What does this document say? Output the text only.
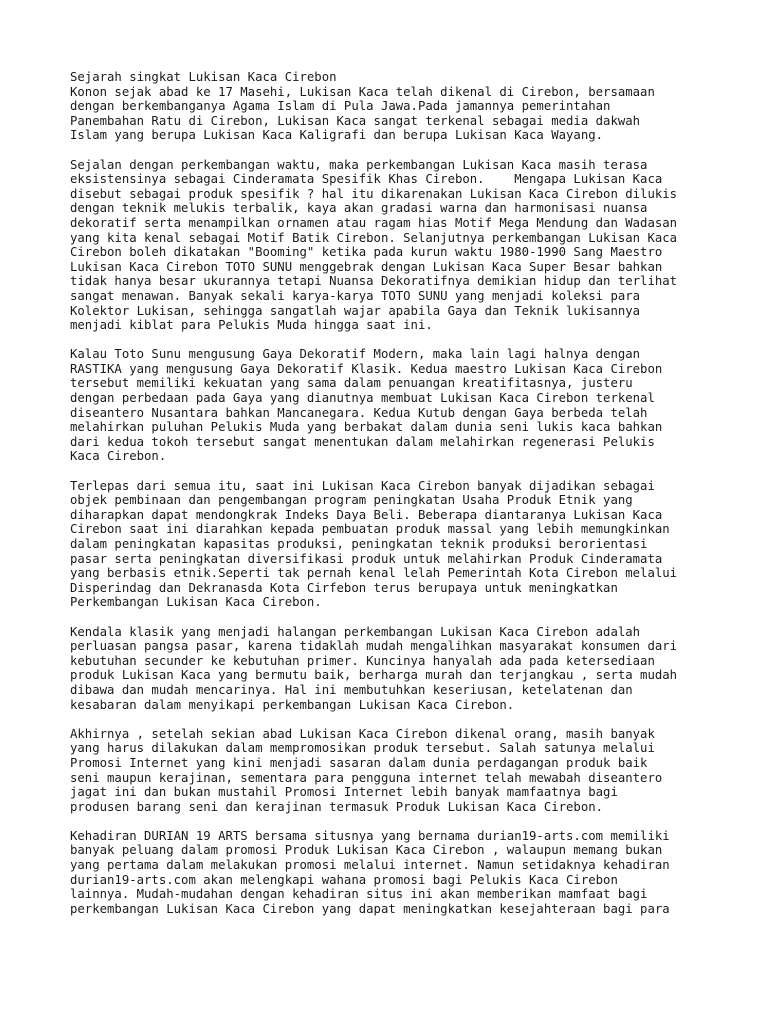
Sejarah singkat Lukisan Kaca Cirebon
Konon sejak abad ke 17 Masehi, Lukisan Kaca telah dikenal di Cirebon, bersamaan
dengan berkembanganya Agama Islam di Pula Jawa.Pada jamannya pemerintahan
Panembahan Ratu di Cirebon, Lukisan Kaca sangat terkenal sebagai media dakwah
Islam yang berupa Lukisan Kaca Kaligrafi dan berupa Lukisan Kaca Wayang.
Sejalan dengan perkembangan waktu, maka perkembangan Lukisan Kaca masih terasa
eksistensinya sebagai Cinderamata Spesifik Khas Cirebon.    Mengapa Lukisan Kaca
disebut sebagai produk spesifik ? hal itu dikarenakan Lukisan Kaca Cirebon dilukis
dengan teknik melukis terbalik, kaya akan gradasi warna dan harmonisasi nuansa
dekoratif serta menampilkan ornamen atau ragam hias Motif Mega Mendung dan Wadasan
yang kita kenal sebagai Motif Batik Cirebon. Selanjutnya perkembangan Lukisan Kaca
Cirebon boleh dikatakan "Booming" ketika pada kurun waktu 1980-1990 Sang Maestro
Lukisan Kaca Cirebon TOTO SUNU menggebrak dengan Lukisan Kaca Super Besar bahkan
tidak hanya besar ukurannya tetapi Nuansa Dekoratifnya demikian hidup dan terlihat
sangat menawan. Banyak sekali karya-karya TOTO SUNU yang menjadi koleksi para
Kolektor Lukisan, sehingga sangatlah wajar apabila Gaya dan Teknik lukisannya
menjadi kiblat para Pelukis Muda hingga saat ini.
Kalau Toto Sunu mengusung Gaya Dekoratif Modern, maka lain lagi halnya dengan
RASTIKA yang mengusung Gaya Dekoratif Klasik. Kedua maestro Lukisan Kaca Cirebon
tersebut memiliki kekuatan yang sama dalam penuangan kreatifitasnya, justeru
dengan perbedaan pada Gaya yang dianutnya membuat Lukisan Kaca Cirebon terkenal
diseantero Nusantara bahkan Mancanegara. Kedua Kutub dengan Gaya berbeda telah
melahirkan puluhan Pelukis Muda yang berbakat dalam dunia seni lukis kaca bahkan
dari kedua tokoh tersebut sangat menentukan dalam melahirkan regenerasi Pelukis
Kaca Cirebon.
Terlepas dari semua itu, saat ini Lukisan Kaca Cirebon banyak dijadikan sebagai
objek pembinaan dan pengembangan program peningkatan Usaha Produk Etnik yang
diharapkan dapat mendongkrak Indeks Daya Beli. Beberapa diantaranya Lukisan Kaca
Cirebon saat ini diarahkan kepada pembuatan produk massal yang lebih memungkinkan
dalam peningkatan kapasitas produksi, peningkatan teknik produksi berorientasi
pasar serta peningkatan diversifikasi produk untuk melahirkan Produk Cinderamata
yang berbasis etnik.Seperti tak pernah kenal lelah Pemerintah Kota Cirebon melalui
Disperindag dan Dekranasda Kota Cirfebon terus berupaya untuk meningkatkan
Perkembangan Lukisan Kaca Cirebon.
Kendala klasik yang menjadi halangan perkembangan Lukisan Kaca Cirebon adalah
perluasan pangsa pasar, karena tidaklah mudah mengalihkan masyarakat konsumen dari
kebutuhan secunder ke kebutuhan primer. Kuncinya hanyalah ada pada ketersediaan
produk Lukisan Kaca yang bermutu baik, berharga murah dan terjangkau , serta mudah
dibawa dan mudah mencarinya. Hal ini membutuhkan keseriusan, ketelatenan dan
kesabaran dalam menyikapi perkembangan Lukisan Kaca Cirebon.
Akhirnya , setelah sekian abad Lukisan Kaca Cirebon dikenal orang, masih banyak
yang harus dilakukan dalam mempromosikan produk tersebut. Salah satunya melalui
Promosi Internet yang kini menjadi sasaran dalam dunia perdagangan produk baik
seni maupun kerajinan, sementara para pengguna internet telah mewabah diseantero
jagat ini dan bukan mustahil Promosi Internet lebih banyak mamfaatnya bagi
produsen barang seni dan kerajinan termasuk Produk Lukisan Kaca Cirebon.
Kehadiran DURIAN 19 ARTS bersama situsnya yang bernama durian19-arts.com memiliki
banyak peluang dalam promosi Produk Lukisan Kaca Cirebon , walaupun memang bukan
yang pertama dalam melakukan promosi melalui internet. Namun setidaknya kehadiran
durian19-arts.com akan melengkapi wahana promosi bagi Pelukis Kaca Cirebon
lainnya. Mudah-mudahan dengan kehadiran situs ini akan memberikan mamfaat bagi
perkembangan Lukisan Kaca Cirebon yang dapat meningkatkan kesejahteraan bagi para
